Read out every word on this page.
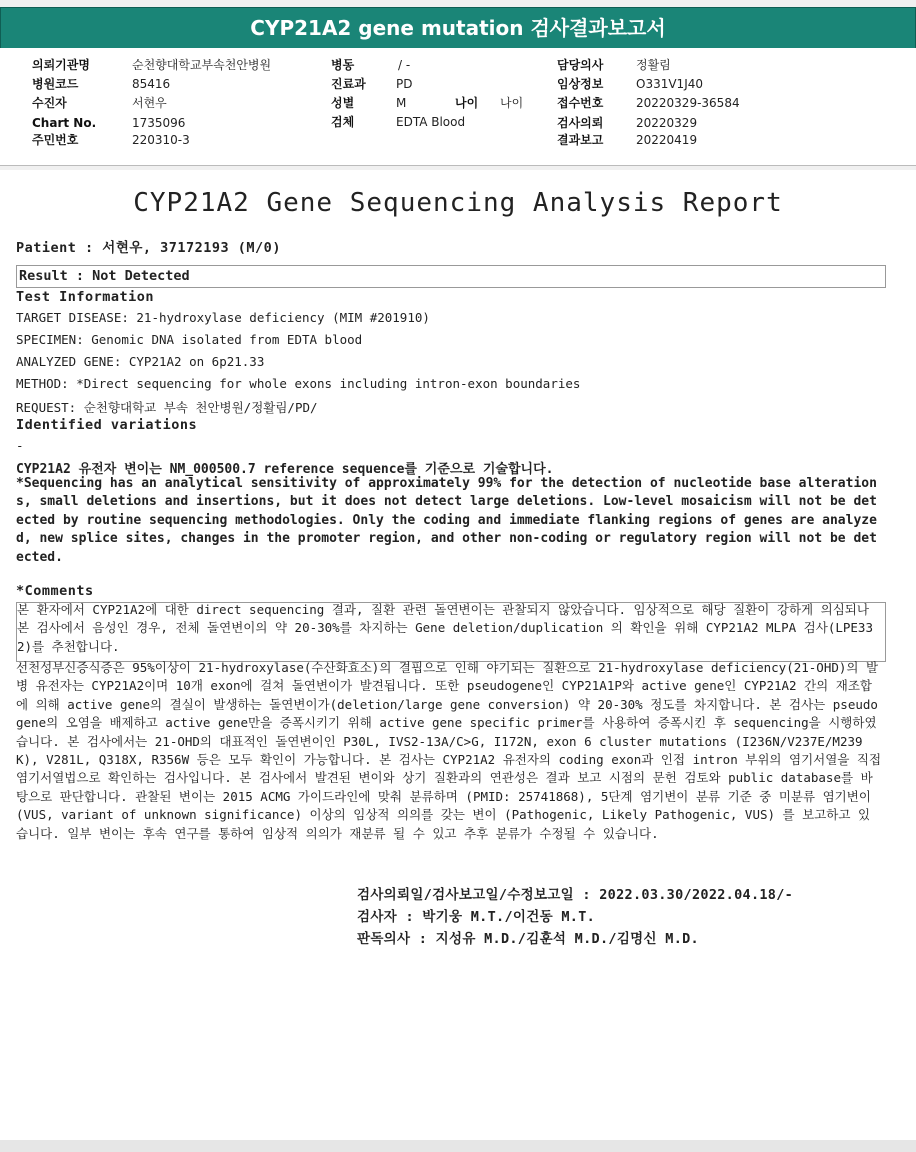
CYP21A2 gene mutation 검사결과보고서
의뢰기관명	순천향대학교부속천안병원
병원코드	85416
수진자	서현우
Chart No.	1735096
주민번호	220310-3
병동	/ -
진료과	PD
성별	M	나이 나이
검체	EDTA Blood
담당의사	정활림
임상정보	O331V1J40
접수번호	20220329-36584
검사의뢰	20220329
결과보고	20220419
CYP21A2 Gene Sequencing Analysis Report
Patient : 서현우, 37172193 (M/0)
Result : Not Detected
Test Information
TARGET DISEASE: 21-hydroxylase deficiency (MIM #201910)
SPECIMEN: Genomic DNA isolated from EDTA blood
ANALYZED GENE: CYP21A2 on 6p21.33
METHOD: *Direct sequencing for whole exons including intron-exon boundaries
REQUEST: 순천향대학교 부속 천안병원/정활림/PD/
Identified variations
-
CYP21A2 유전자 변이는 NM_000500.7 reference sequence를 기준으로 기술합니다.
*Sequencing has an analytical sensitivity of approximately 99% for the detection of nucleotide base alterations, small deletions and insertions, but it does not detect large deletions. Low-level mosaicism will not be detected by routine sequencing methodologies. Only the coding and immediate flanking regions of genes are analyzed, new splice sites, changes in the promoter region, and other non-coding or regulatory region will not be detected.
*Comments
본 환자에서 CYP21A2에 대한 direct sequencing 결과, 질환 관련 돌연변이는 관찰되지 않았습니다. 임상적으로 해당 질환이 강하게 의심되나 본 검사에서 음성인 경우, 전체 돌연변이의 약 20-30%를 차지하는 Gene deletion/duplication 의 확인을 위해 CYP21A2 MLPA 검사(LPE332)를 추천합니다.
선천성부신증식증은 95%이상이 21-hydroxylase(수산화효소)의 결핍으로 인해 야기되는 질환으로 21-hydroxylase deficiency(21-OHD)의 발병 유전자는 CYP21A2이며 10개 exon에 걸쳐 돌연변이가 발견됩니다. 또한 pseudogene인 CYP21A1P와 active gene인 CYP21A2 간의 재조합에 의해 active gene의 결실이 발생하는 돌연변이가(deletion/large gene conversion) 약 20-30% 정도를 차지합니다. 본 검사는 pseudogene의 오염을 배제하고 active gene만을 증폭시키기 위해 active gene specific primer를 사용하여 증폭시킨 후 sequencing을 시행하였습니다. 본 검사에서는 21-OHD의 대표적인 돌연변이인 P30L, IVS2-13A/C>G, I172N, exon 6 cluster mutations (I236N/V237E/M239K), V281L, Q318X, R356W 등은 모두 확인이 가능합니다. 본 검사는 CYP21A2 유전자의 coding exon과 인접 intron 부위의 염기서열을 직접 염기서열법으로 확인하는 검사입니다. 본 검사에서 발견된 변이와 상기 질환과의 연관성은 결과 보고 시점의 문헌 검토와 public database를 바탕으로 판단합니다. 관찰된 변이는 2015 ACMG 가이드라인에 맞춰 분류하며 (PMID: 25741868), 5단계 염기변이 분류 기준 중 미분류 염기변이 (VUS, variant of unknown significance) 이상의 임상적 의의를 갖는 변이 (Pathogenic, Likely Pathogenic, VUS) 를 보고하고 있습니다. 일부 변이는 후속 연구를 통하여 임상적 의의가 재분류 될 수 있고 추후 분류가 수정될 수 있습니다.
검사의뢰일/검사보고일/수정보고일 : 2022.03.30/2022.04.18/-
검사자 : 박기웅 M.T./이건동 M.T.
판독의사 : 지성유 M.D./김훈석 M.D./김명신 M.D.
